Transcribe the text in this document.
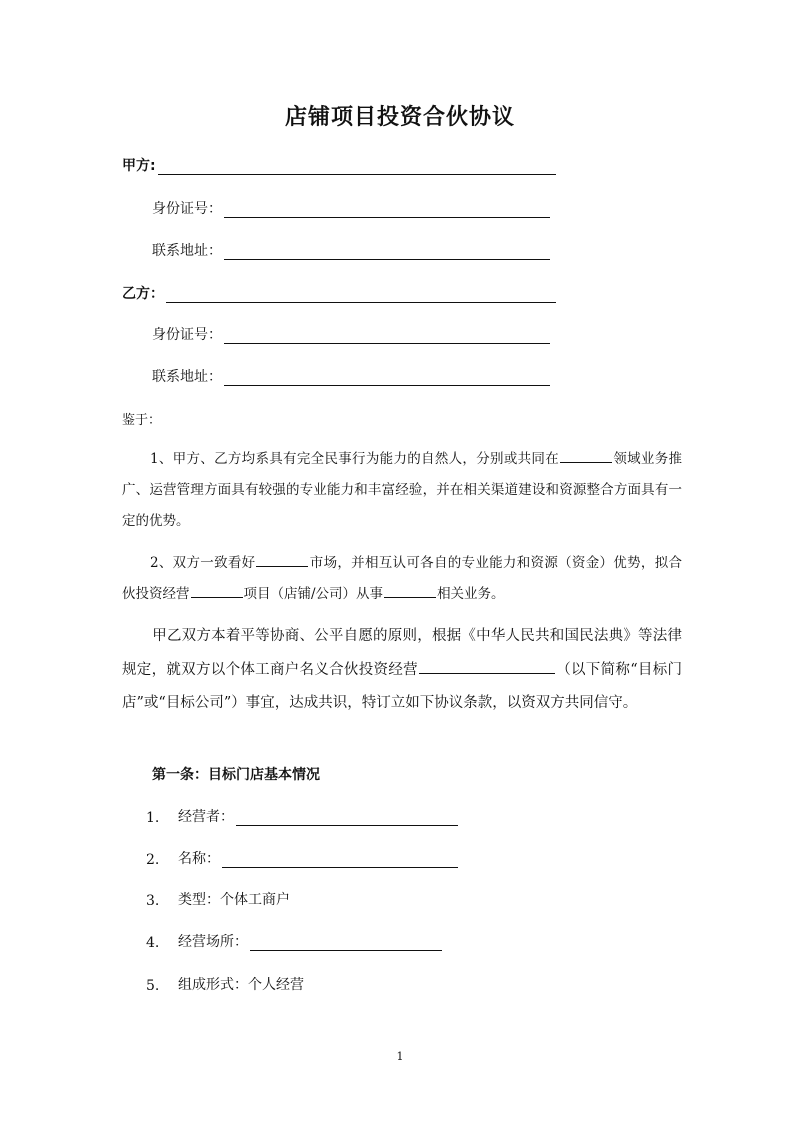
店铺项目投资合伙协议
甲方:
身份证号：
联系地址：
乙方：
身份证号：
联系地址：
鉴于：
1、甲方、乙方均系具有完全民事行为能力的自然人，分别或共同在	领域业务推广、运营管理方面具有较强的专业能力和丰富经验，并在相关渠道建设和资源整合方面具有一定的优势。
2、双方一致看好	市场，并相互认可各自的专业能力和资源（资金）优势，拟合伙投资经营	项目（店铺/公司）从事	相关业务。
甲乙双方本着平等协商、公平自愿的原则，根据《中华人民共和国民法典》等法律规定，就双方以个体工商户名义合伙投资经营	（以下简称“目标门店”或“目标公司”）事宜，达成共识，特订立如下协议条款，以资双方共同信守。
第一条：目标门店基本情况
1.	经营者：
2.	名称：
3.	类型：个体工商户
4.	经营场所：
5.	组成形式：个人经营
1
